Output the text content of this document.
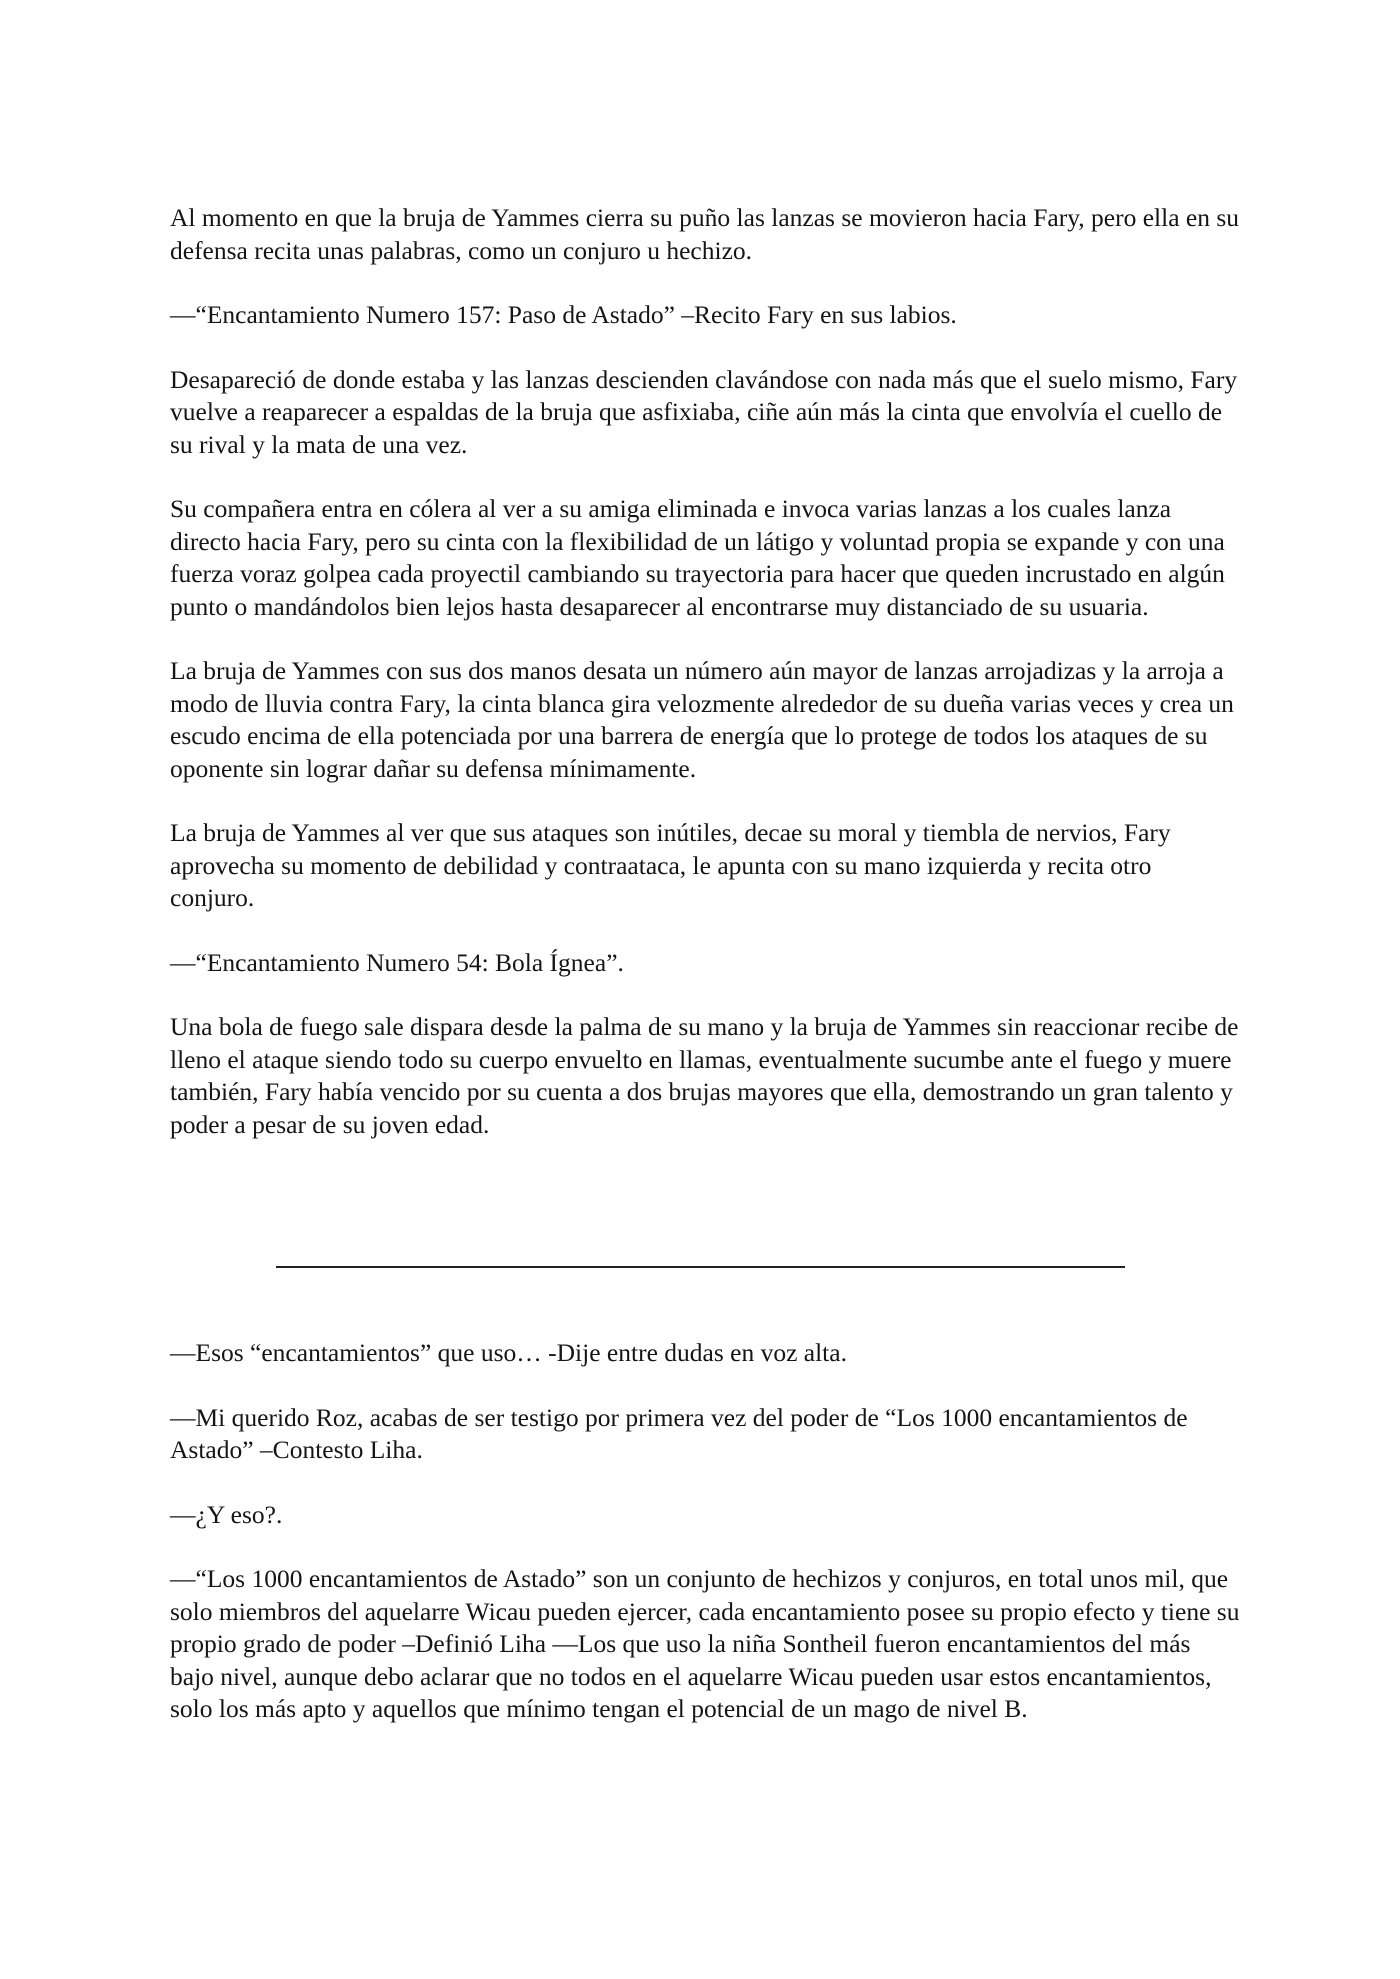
Al momento en que la bruja de Yammes cierra su puño las lanzas se movieron hacia Fary, pero ella en su defensa recita unas palabras, como un conjuro u hechizo.

—“Encantamiento Numero 157: Paso de Astado” –Recito Fary en sus labios.

Desapareció de donde estaba y las lanzas descienden clavándose con nada más que el suelo mismo, Fary vuelve a reaparecer a espaldas de la bruja que asfixiaba, ciñe aún más la cinta que envolvía el cuello de su rival y la mata de una vez.

Su compañera entra en cólera al ver a su amiga eliminada e invoca varias lanzas a los cuales lanza directo hacia Fary, pero su cinta con la flexibilidad de un látigo y voluntad propia se expande y con una fuerza voraz golpea cada proyectil cambiando su trayectoria para hacer que queden incrustado en algún punto o mandándolos bien lejos hasta desaparecer al encontrarse muy distanciado de su usuaria.

La bruja de Yammes con sus dos manos desata un número aún mayor de lanzas arrojadizas y la arroja a modo de lluvia contra Fary, la cinta blanca gira velozmente alrededor de su dueña varias veces y crea un escudo encima de ella potenciada por una barrera de energía que lo protege de todos los ataques de su oponente sin lograr dañar su defensa mínimamente.

La bruja de Yammes al ver que sus ataques son inútiles, decae su moral y tiembla de nervios, Fary aprovecha su momento de debilidad y contraataca, le apunta con su mano izquierda y recita otro conjuro.

—“Encantamiento Numero 54: Bola Ígnea”.

Una bola de fuego sale dispara desde la palma de su mano y la bruja de Yammes sin reaccionar recibe de lleno el ataque siendo todo su cuerpo envuelto en llamas, eventualmente sucumbe ante el fuego y muere también, Fary había vencido por su cuenta a dos brujas mayores que ella, demostrando un gran talento y poder a pesar de su joven edad.

—Esos “encantamientos” que uso… -Dije entre dudas en voz alta.

—Mi querido Roz, acabas de ser testigo por primera vez del poder de “Los 1000 encantamientos de Astado” –Contesto Liha.

—¿Y eso?.

—“Los 1000 encantamientos de Astado” son un conjunto de hechizos y conjuros, en total unos mil, que solo miembros del aquelarre Wicau pueden ejercer, cada encantamiento posee su propio efecto y tiene su propio grado de poder –Definió Liha —Los que uso la niña Sontheil fueron encantamientos del más bajo nivel, aunque debo aclarar que no todos en el aquelarre Wicau pueden usar estos encantamientos, solo los más apto y aquellos que mínimo tengan el potencial de un mago de nivel B.
